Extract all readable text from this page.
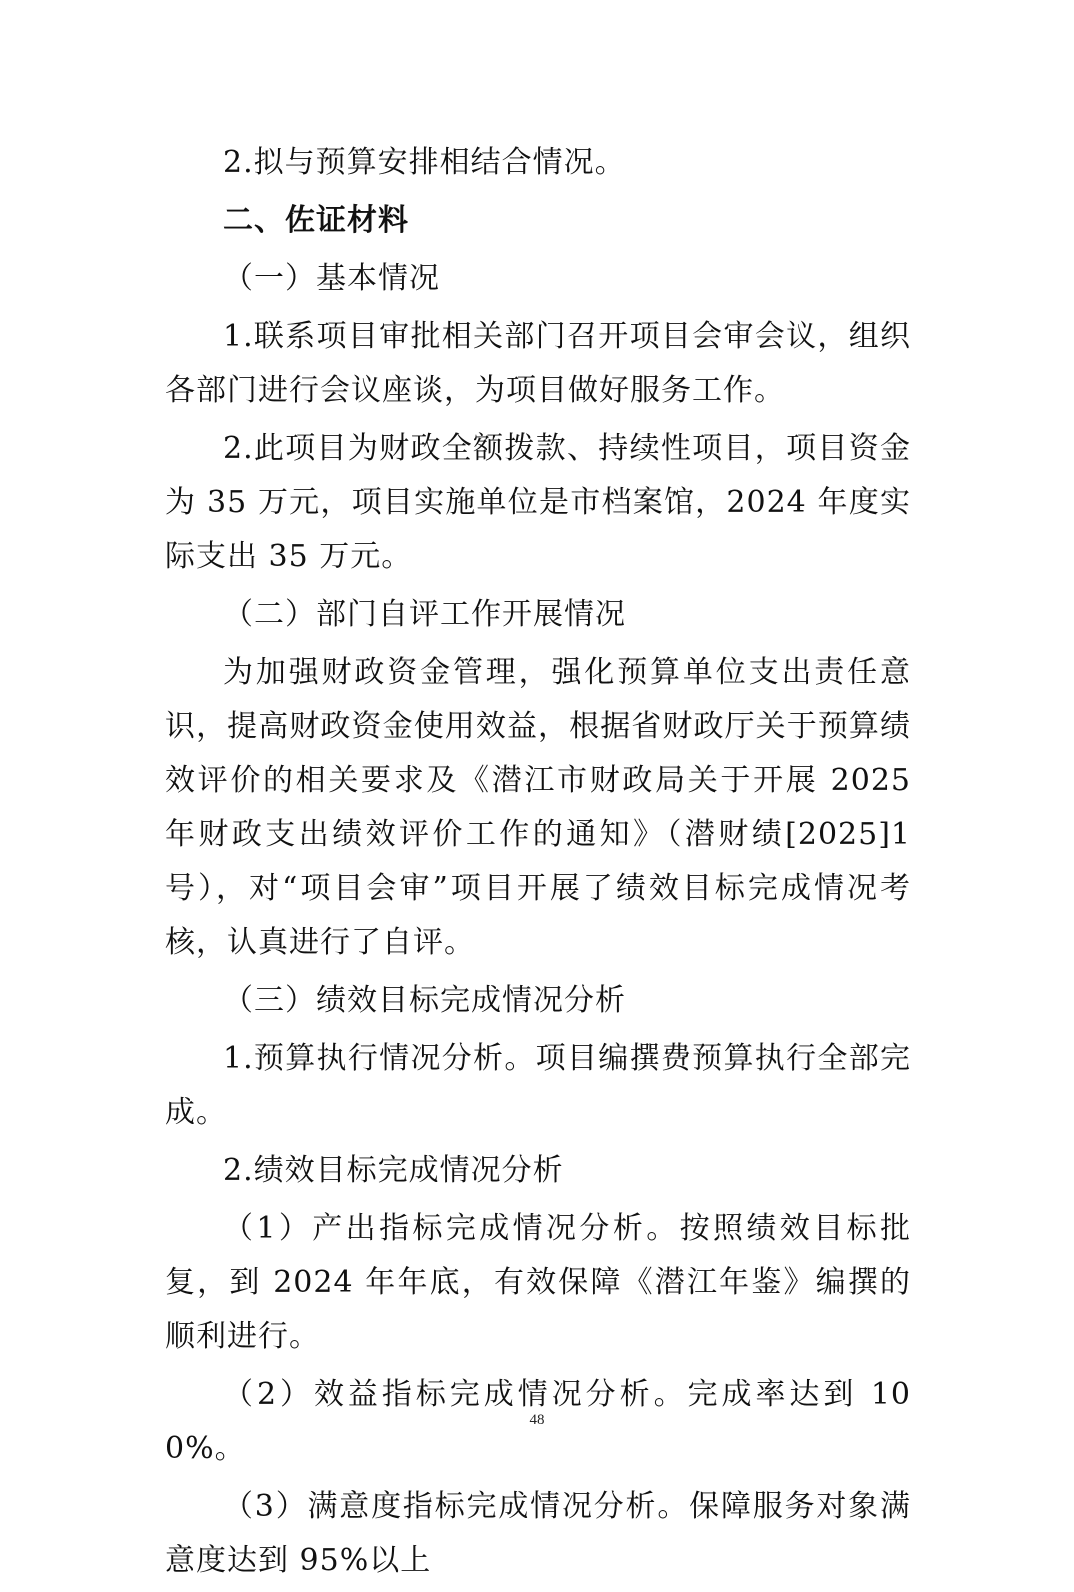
2.拟与预算安排相结合情况。

二、佐证材料

（一）基本情况

1.联系项目审批相关部门召开项目会审会议，组织各部门进行会议座谈，为项目做好服务工作。

2.此项目为财政全额拨款、持续性项目，项目资金为 35 万元，项目实施单位是市档案馆，2024 年度实际支出 35 万元。

（二）部门自评工作开展情况

为加强财政资金管理，强化预算单位支出责任意识，提高财政资金使用效益，根据省财政厅关于预算绩效评价的相关要求及《潜江市财政局关于开展 2025 年财政支出绩效评价工作的通知》（潜财绩[2025]1 号），对“项目会审”项目开展了绩效目标完成情况考核，认真进行了自评。

（三）绩效目标完成情况分析

1.预算执行情况分析。项目编撰费预算执行全部完成。

2.绩效目标完成情况分析

（1）产出指标完成情况分析。按照绩效目标批复，到 2024 年年底，有效保障《潜江年鉴》编撰的顺利进行。

（2）效益指标完成情况分析。完成率达到 100%。

（3）满意度指标完成情况分析。保障服务对象满意度达到 95%以上

48
